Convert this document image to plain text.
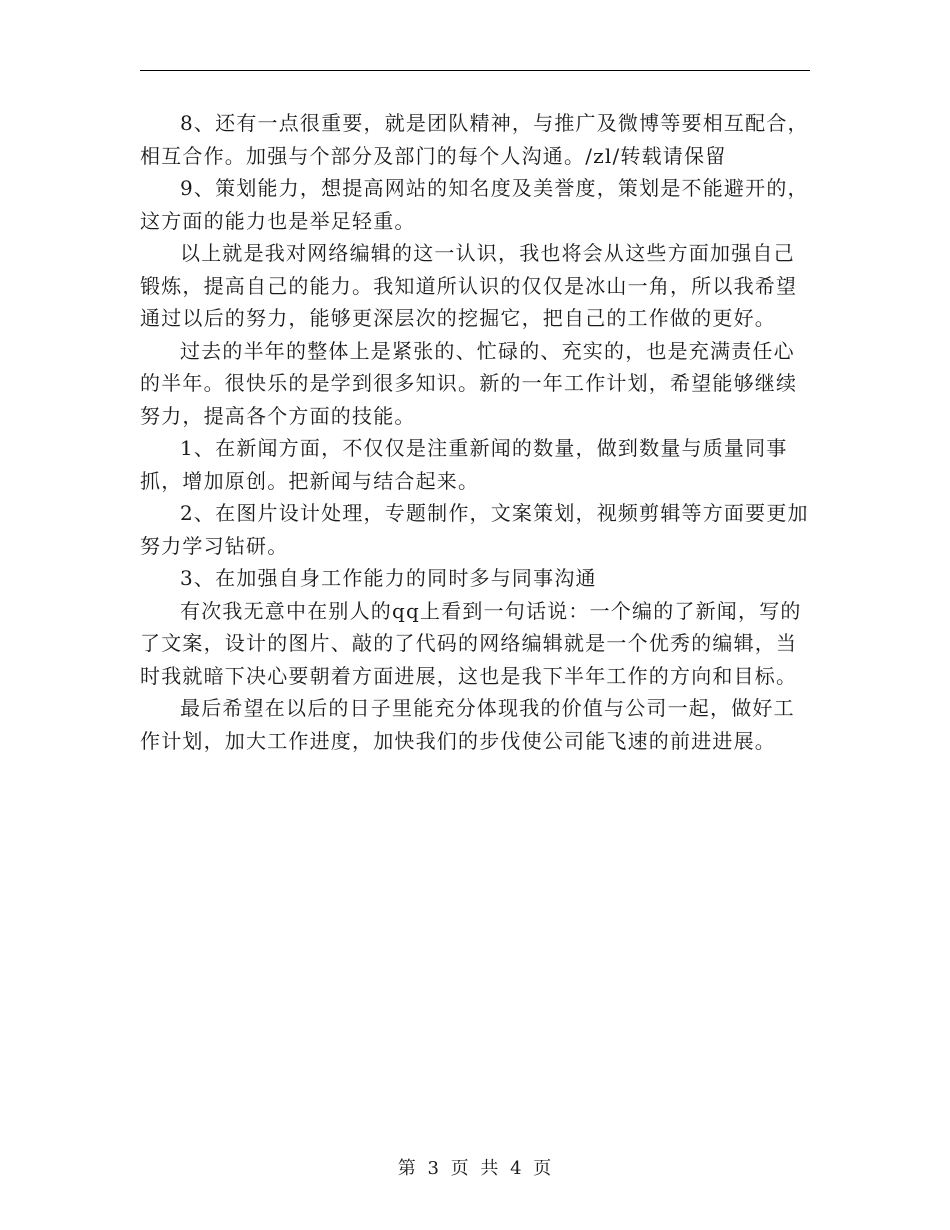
8、还有一点很重要，就是团队精神，与推广及微博等要相互配合，相互合作。加强与个部分及部门的每个人沟通。/zl/转载请保留

9、策划能力，想提高网站的知名度及美誉度，策划是不能避开的，这方面的能力也是举足轻重。

以上就是我对网络编辑的这一认识，我也将会从这些方面加强自己锻炼，提高自己的能力。我知道所认识的仅仅是冰山一角，所以我希望通过以后的努力，能够更深层次的挖掘它，把自己的工作做的更好。

过去的半年的整体上是紧张的、忙碌的、充实的，也是充满责任心的半年。很快乐的是学到很多知识。新的一年工作计划，希望能够继续努力，提高各个方面的技能。

1、在新闻方面，不仅仅是注重新闻的数量，做到数量与质量同事抓，增加原创。把新闻与结合起来。

2、在图片设计处理，专题制作，文案策划，视频剪辑等方面要更加努力学习钻研。

3、在加强自身工作能力的同时多与同事沟通

有次我无意中在别人的qq上看到一句话说：一个编的了新闻，写的了文案，设计的图片、敲的了代码的网络编辑就是一个优秀的编辑，当时我就暗下决心要朝着方面进展，这也是我下半年工作的方向和目标。

最后希望在以后的日子里能充分体现我的价值与公司一起，做好工作计划，加大工作进度，加快我们的步伐使公司能飞速的前进进展。

第 3 页 共 4 页
